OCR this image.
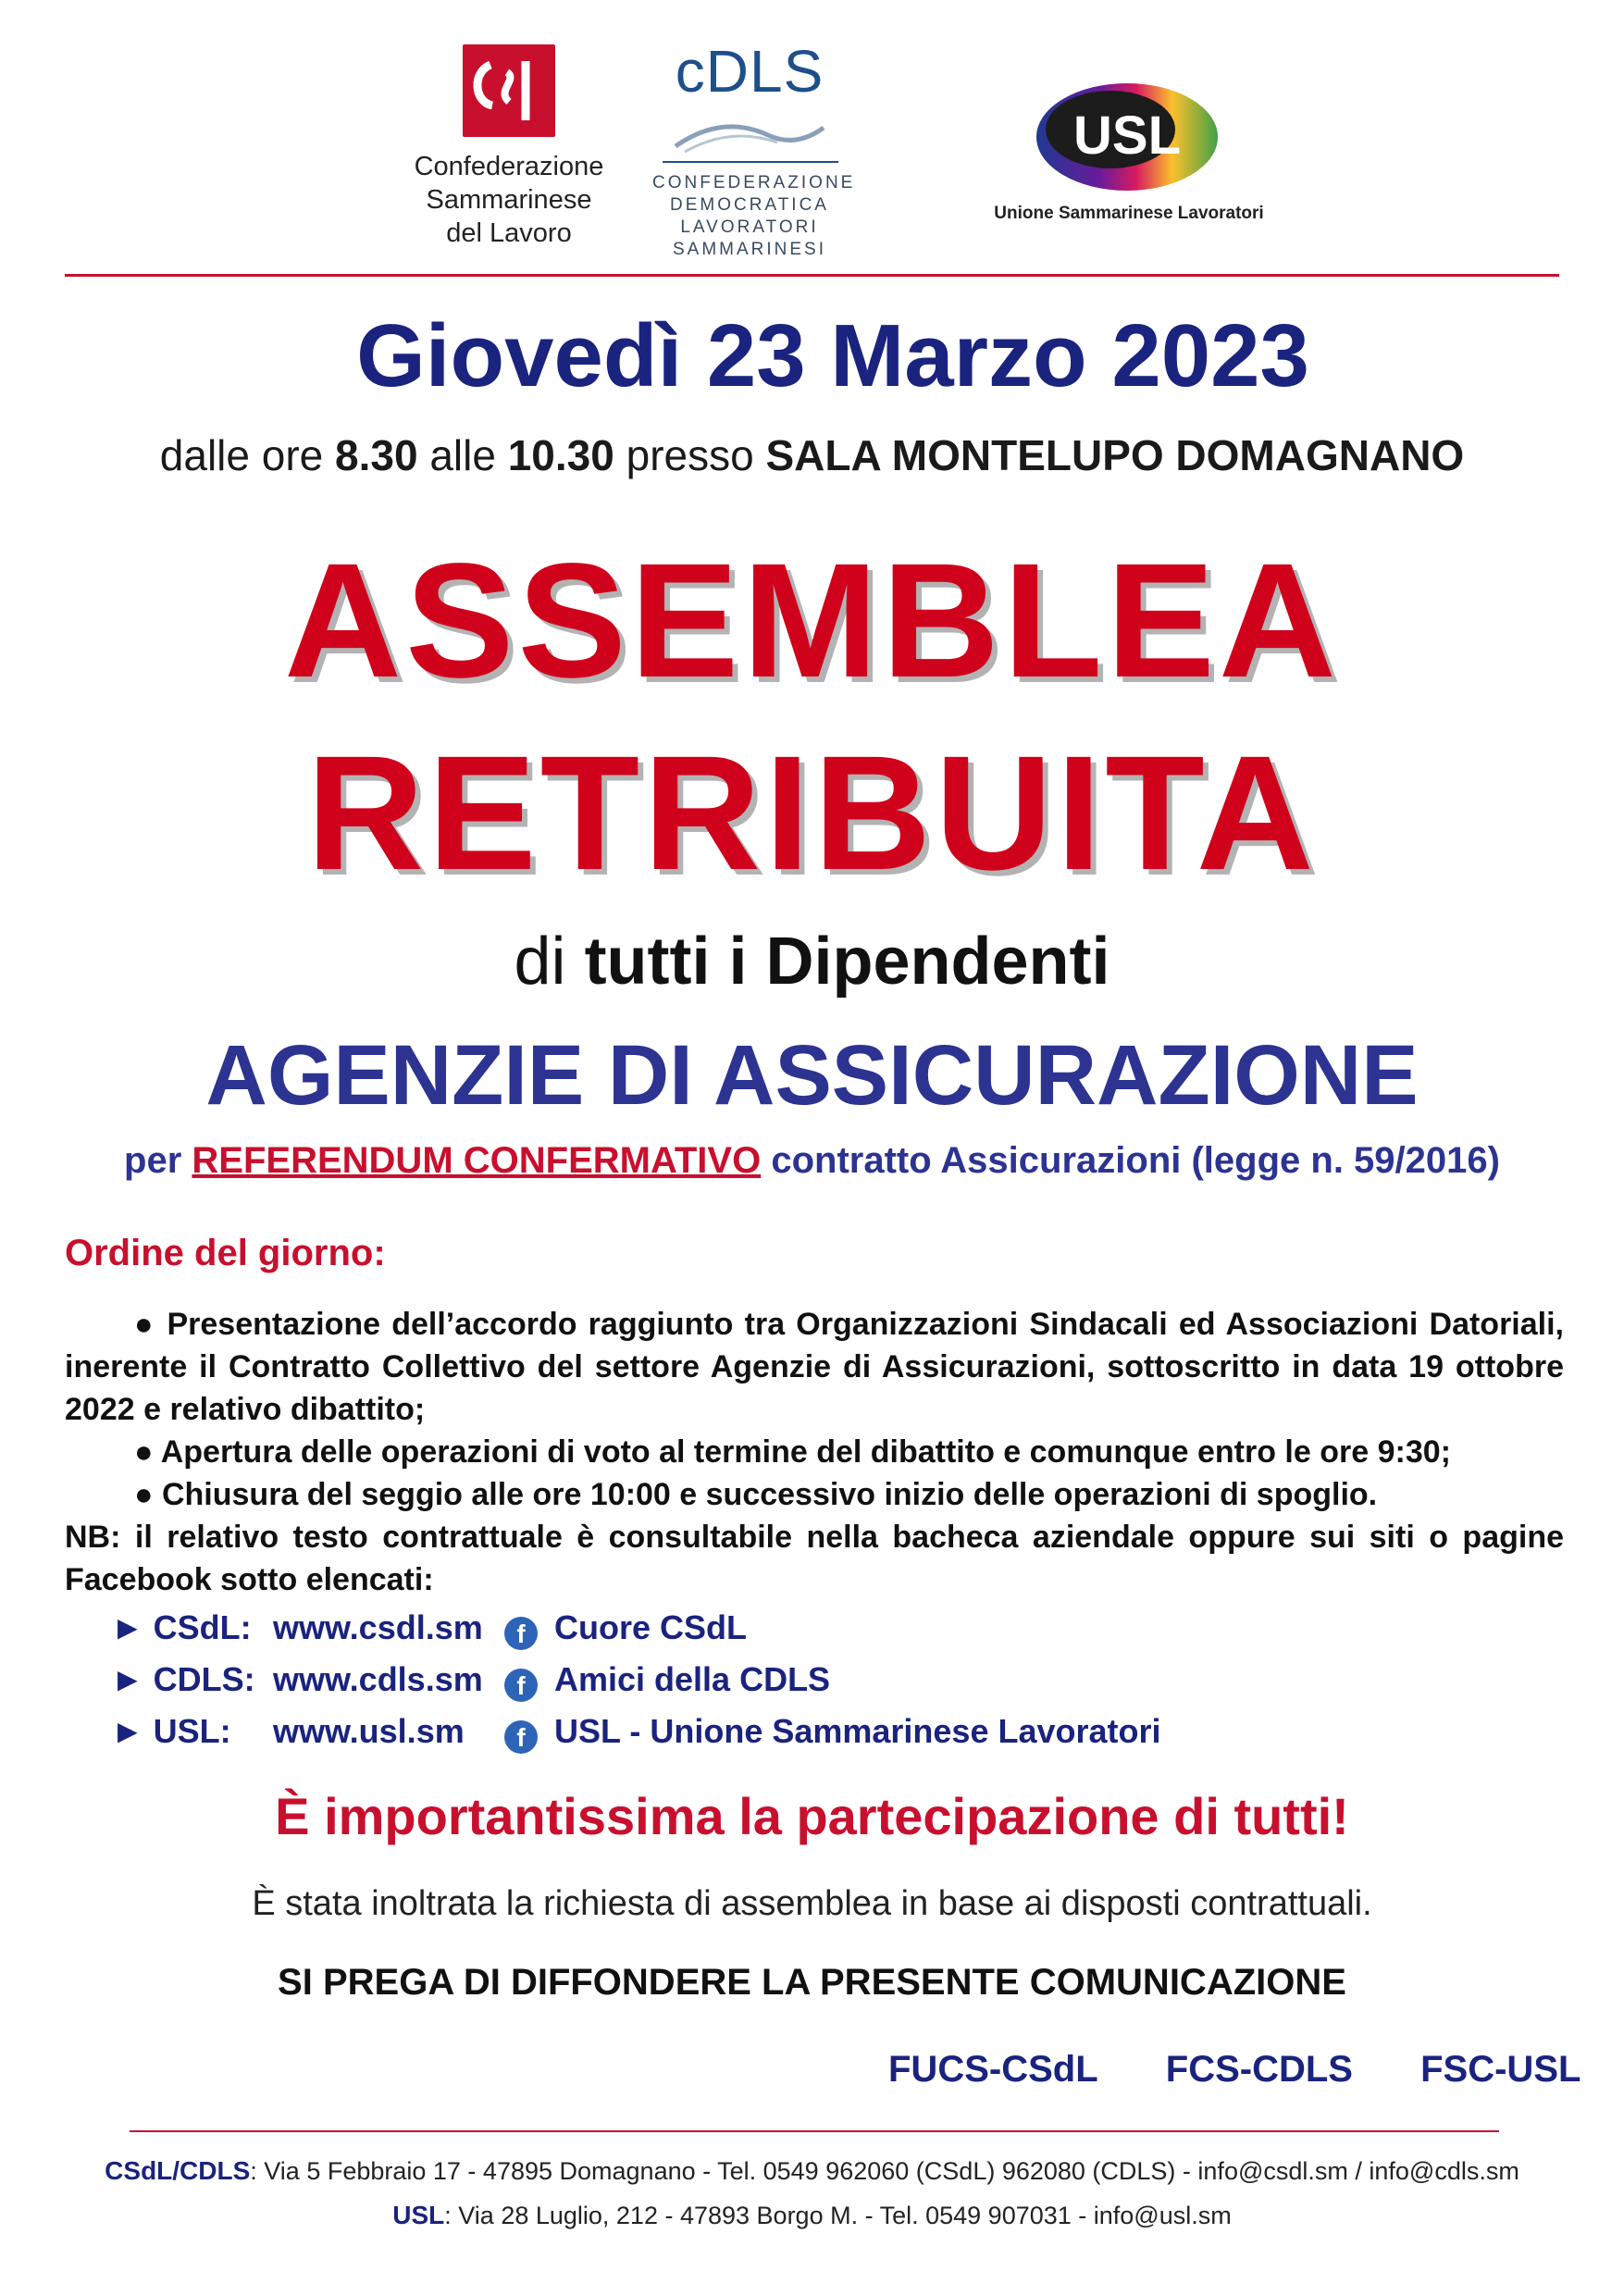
Confederazione
Sammarinese
del Lavoro
cDLS
CONFEDERAZIONE
DEMOCRATICA
LAVORATORI
SAMMARINESI
USL
Unione Sammarinese Lavoratori
Giovedì 23 Marzo 2023
dalle ore 8.30 alle 10.30 presso SALA MONTELUPO DOMAGNANO
ASSEMBLEA
RETRIBUITA
di tutti i Dipendenti
AGENZIE DI ASSICURAZIONE
per REFERENDUM CONFERMATIVO contratto Assicurazioni (legge n. 59/2016)
Ordine del giorno:
● Presentazione dell’accordo raggiunto tra Organizzazioni Sindacali ed Associazioni Datoriali, inerente il Contratto Collettivo del settore Agenzie di Assicurazioni, sottoscritto in data 19 ottobre 2022 e relativo dibattito;
● Apertura delle operazioni di voto al termine del dibattito e comunque entro le ore 9:30;
● Chiusura del seggio alle ore 10:00 e successivo inizio delle operazioni di spoglio.
NB: il relativo testo contrattuale è consultabile nella bacheca aziendale oppure sui siti o pagine Facebook sotto elencati:
► CSdL: www.csdl.sm f Cuore CSdL
► CDLS: www.cdls.sm f Amici della CDLS
► USL: www.usl.sm f USL - Unione Sammarinese Lavoratori
È importantissima la partecipazione di tutti!
È stata inoltrata la richiesta di assemblea in base ai disposti contrattuali.
SI PREGA DI DIFFONDERE LA PRESENTE COMUNICAZIONE
FUCS-CSdL FCS-CDLS FSC-USL
CSdL/CDLS: Via 5 Febbraio 17 - 47895 Domagnano - Tel. 0549 962060 (CSdL) 962080 (CDLS) - info@csdl.sm / info@cdls.sm
USL: Via 28 Luglio, 212 - 47893 Borgo M. - Tel. 0549 907031 - info@usl.sm
